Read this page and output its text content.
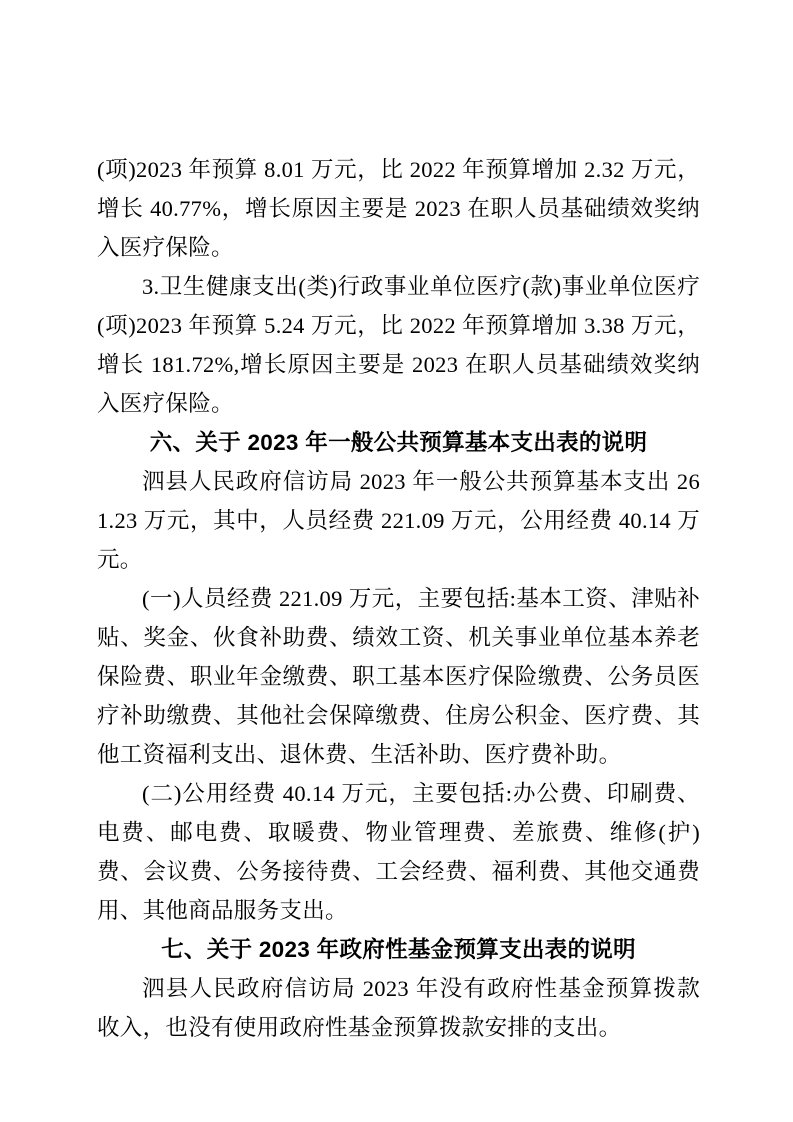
(项)2023 年预算 8.01 万元，比 2022 年预算增加 2.32 万元，增长 40.77%，增长原因主要是 2023 在职人员基础绩效奖纳入医疗保险。

3.卫生健康支出(类)行政事业单位医疗(款)事业单位医疗(项)2023 年预算 5.24 万元，比 2022 年预算增加 3.38 万元，增长 181.72%,增长原因主要是 2023 在职人员基础绩效奖纳入医疗保险。

六、关于 2023 年一般公共预算基本支出表的说明

泗县人民政府信访局 2023 年一般公共预算基本支出 261.23 万元，其中，人员经费 221.09 万元，公用经费 40.14 万元。

(一)人员经费 221.09 万元，主要包括:基本工资、津贴补贴、奖金、伙食补助费、绩效工资、机关事业单位基本养老保险费、职业年金缴费、职工基本医疗保险缴费、公务员医疗补助缴费、其他社会保障缴费、住房公积金、医疗费、其他工资福利支出、退休费、生活补助、医疗费补助。

(二)公用经费 40.14 万元，主要包括:办公费、印刷费、电费、邮电费、取暖费、物业管理费、差旅费、维修(护)费、会议费、公务接待费、工会经费、福利费、其他交通费用、其他商品服务支出。

七、关于 2023 年政府性基金预算支出表的说明

泗县人民政府信访局 2023 年没有政府性基金预算拨款收入，也没有使用政府性基金预算拨款安排的支出。
